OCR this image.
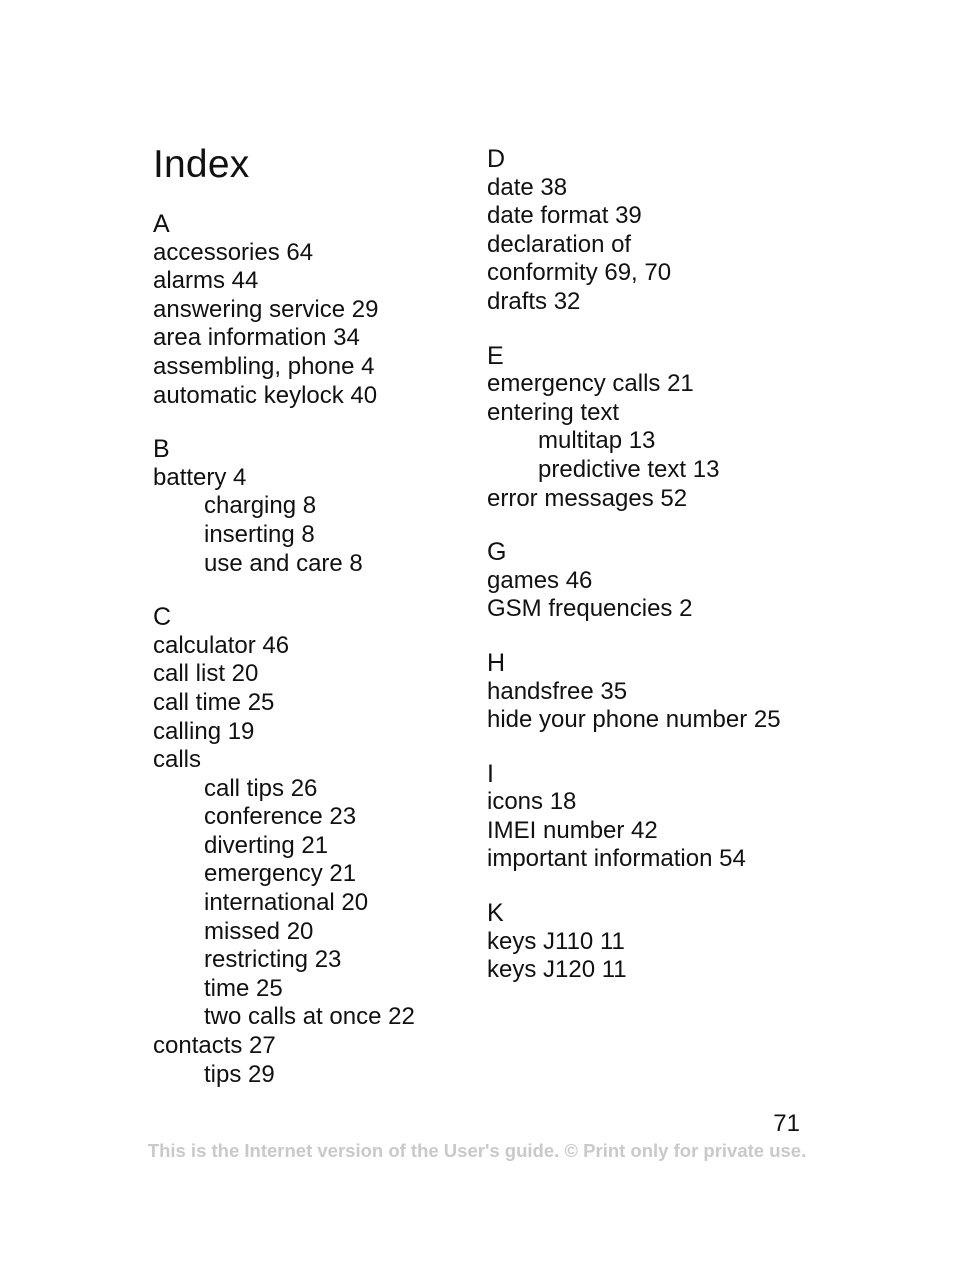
Index
A
accessories 64
alarms 44
answering service 29
area information 34
assembling, phone 4
automatic keylock 40
B
battery 4
charging 8
inserting 8
use and care 8
C
calculator 46
call list 20
call time 25
calling 19
calls
call tips 26
conference 23
diverting 21
emergency 21
international 20
missed 20
restricting 23
time 25
two calls at once 22
contacts 27
tips 29
D
date 38
date format 39
declaration of
conformity 69, 70
drafts 32
E
emergency calls 21
entering text
multitap 13
predictive text 13
error messages 52
G
games 46
GSM frequencies 2
H
handsfree 35
hide your phone number 25
I
icons 18
IMEI number 42
important information 54
K
keys J110 11
keys J120 11
71
This is the Internet version of the User's guide. © Print only for private use.
